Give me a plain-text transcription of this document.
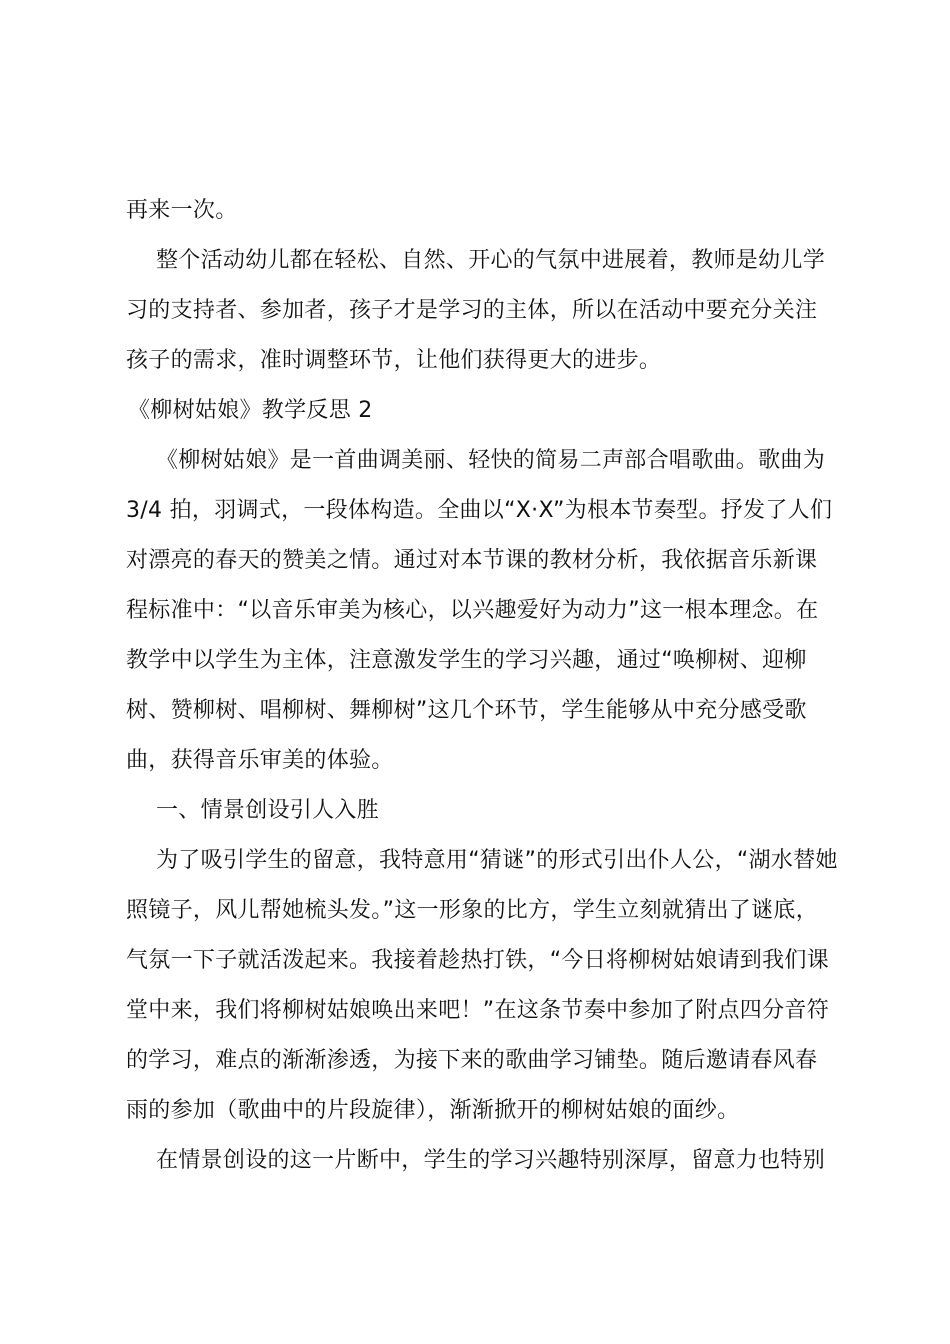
再来一次。
整个活动幼儿都在轻松、自然、开心的气氛中进展着，教师是幼儿学
习的支持者、参加者，孩子才是学习的主体，所以在活动中要充分关注
孩子的需求，准时调整环节，让他们获得更大的进步。
《柳树姑娘》教学反思 2
《柳树姑娘》是一首曲调美丽、轻快的简易二声部合唱歌曲。歌曲为
3/4 拍，羽调式，一段体构造。全曲以“X·X”为根本节奏型。抒发了人们
对漂亮的春天的赞美之情。通过对本节课的教材分析，我依据音乐新课
程标准中：“以音乐审美为核心，以兴趣爱好为动力”这一根本理念。在
教学中以学生为主体，注意激发学生的学习兴趣，通过“唤柳树、迎柳
树、赞柳树、唱柳树、舞柳树”这几个环节，学生能够从中充分感受歌
曲，获得音乐审美的体验。
一、情景创设引人入胜
为了吸引学生的留意，我特意用“猜谜”的形式引出仆人公，“湖水替她
照镜子，风儿帮她梳头发。”这一形象的比方，学生立刻就猜出了谜底，
气氛一下子就活泼起来。我接着趁热打铁，“今日将柳树姑娘请到我们课
堂中来，我们将柳树姑娘唤出来吧！”在这条节奏中参加了附点四分音符
的学习，难点的渐渐渗透，为接下来的歌曲学习铺垫。随后邀请春风春
雨的参加（歌曲中的片段旋律），渐渐掀开的柳树姑娘的面纱。
在情景创设的这一片断中，学生的学习兴趣特别深厚，留意力也特别
